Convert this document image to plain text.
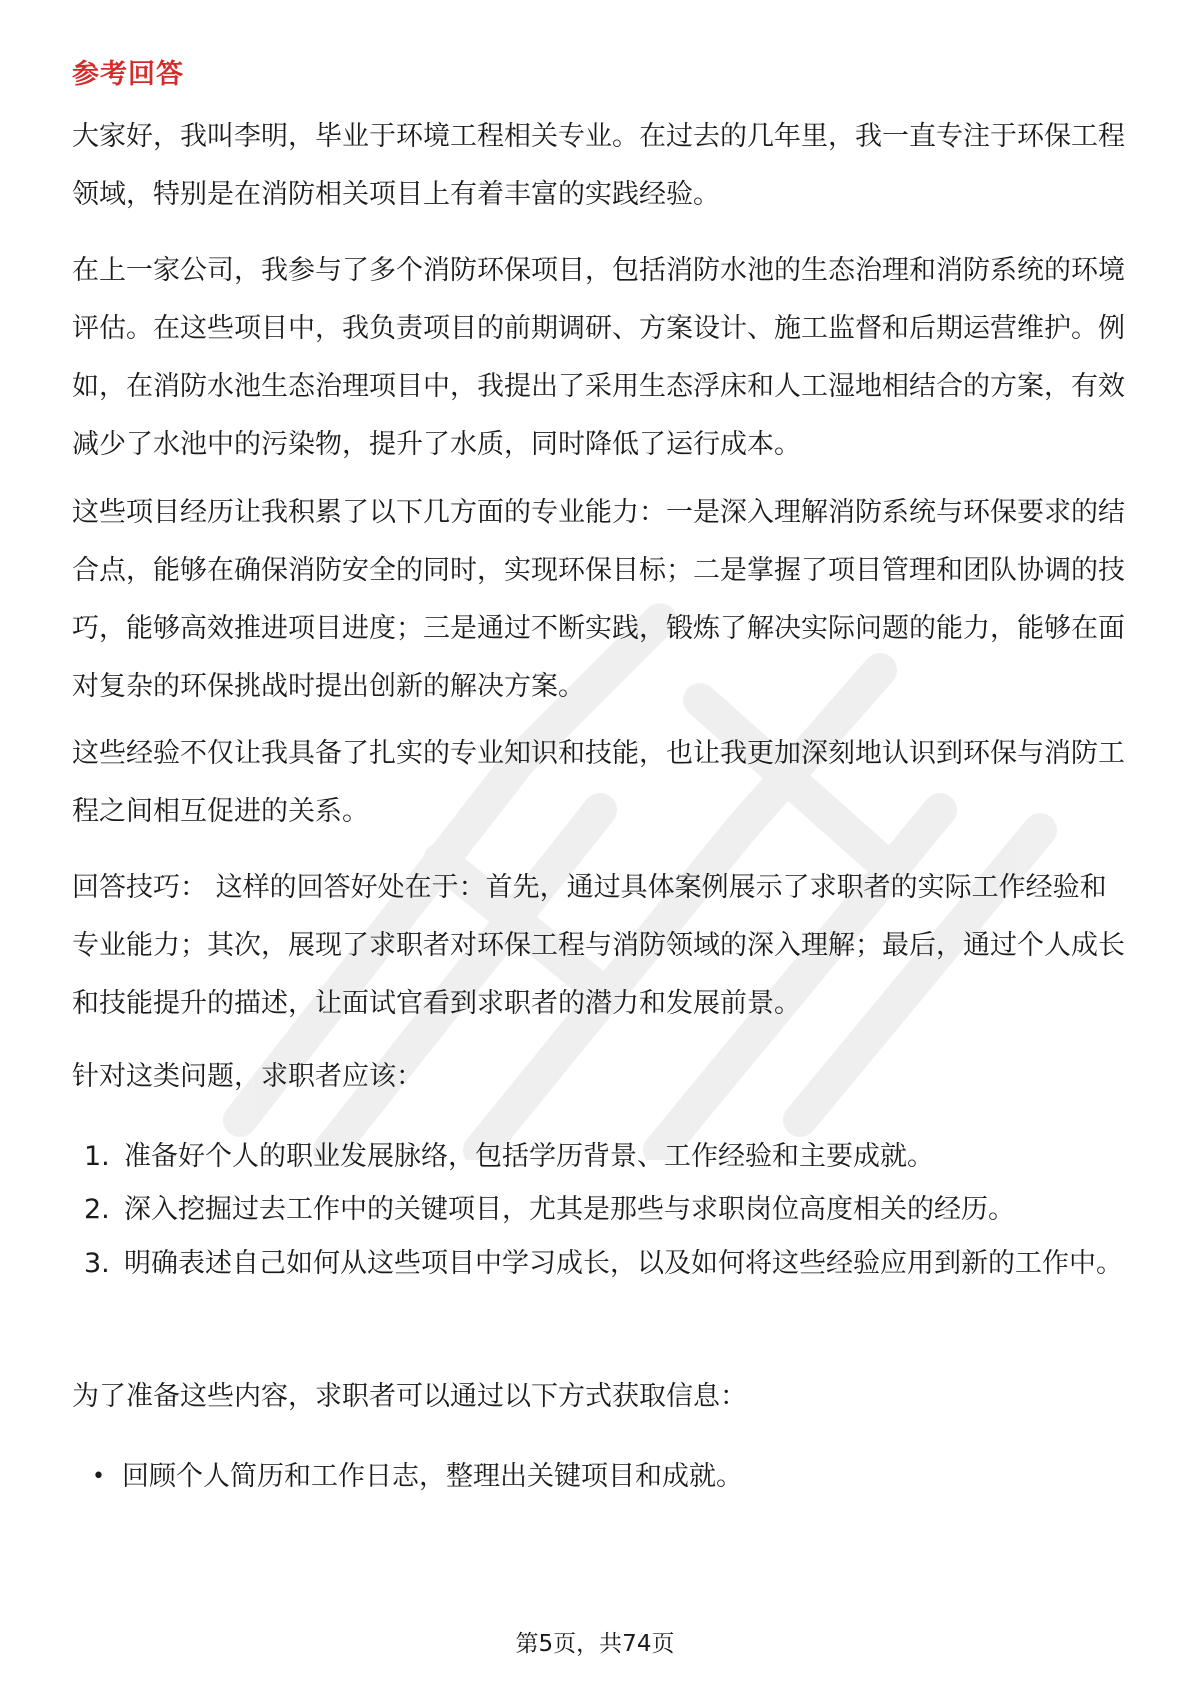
参考回答

大家好，我叫李明，毕业于环境工程相关专业。在过去的几年里，我一直专注于环保工程领域，特别是在消防相关项目上有着丰富的实践经验。

在上一家公司，我参与了多个消防环保项目，包括消防水池的生态治理和消防系统的环境评估。在这些项目中，我负责项目的前期调研、方案设计、施工监督和后期运营维护。例如，在消防水池生态治理项目中，我提出了采用生态浮床和人工湿地相结合的方案，有效减少了水池中的污染物，提升了水质，同时降低了运行成本。

这些项目经历让我积累了以下几方面的专业能力：一是深入理解消防系统与环保要求的结合点，能够在确保消防安全的同时，实现环保目标；二是掌握了项目管理和团队协调的技巧，能够高效推进项目进度；三是通过不断实践，锻炼了解决实际问题的能力，能够在面对复杂的环保挑战时提出创新的解决方案。

这些经验不仅让我具备了扎实的专业知识和技能，也让我更加深刻地认识到环保与消防工程之间相互促进的关系。

回答技巧： 这样的回答好处在于：首先，通过具体案例展示了求职者的实际工作经验和专业能力；其次，展现了求职者对环保工程与消防领域的深入理解；最后，通过个人成长和技能提升的描述，让面试官看到求职者的潜力和发展前景。

针对这类问题，求职者应该：

1. 准备好个人的职业发展脉络，包括学历背景、工作经验和主要成就。
2. 深入挖掘过去工作中的关键项目，尤其是那些与求职岗位高度相关的经历。
3. 明确表述自己如何从这些项目中学习成长，以及如何将这些经验应用到新的工作中。

为了准备这些内容，求职者可以通过以下方式获取信息：

• 回顾个人简历和工作日志，整理出关键项目和成就。
第5页，共74页
